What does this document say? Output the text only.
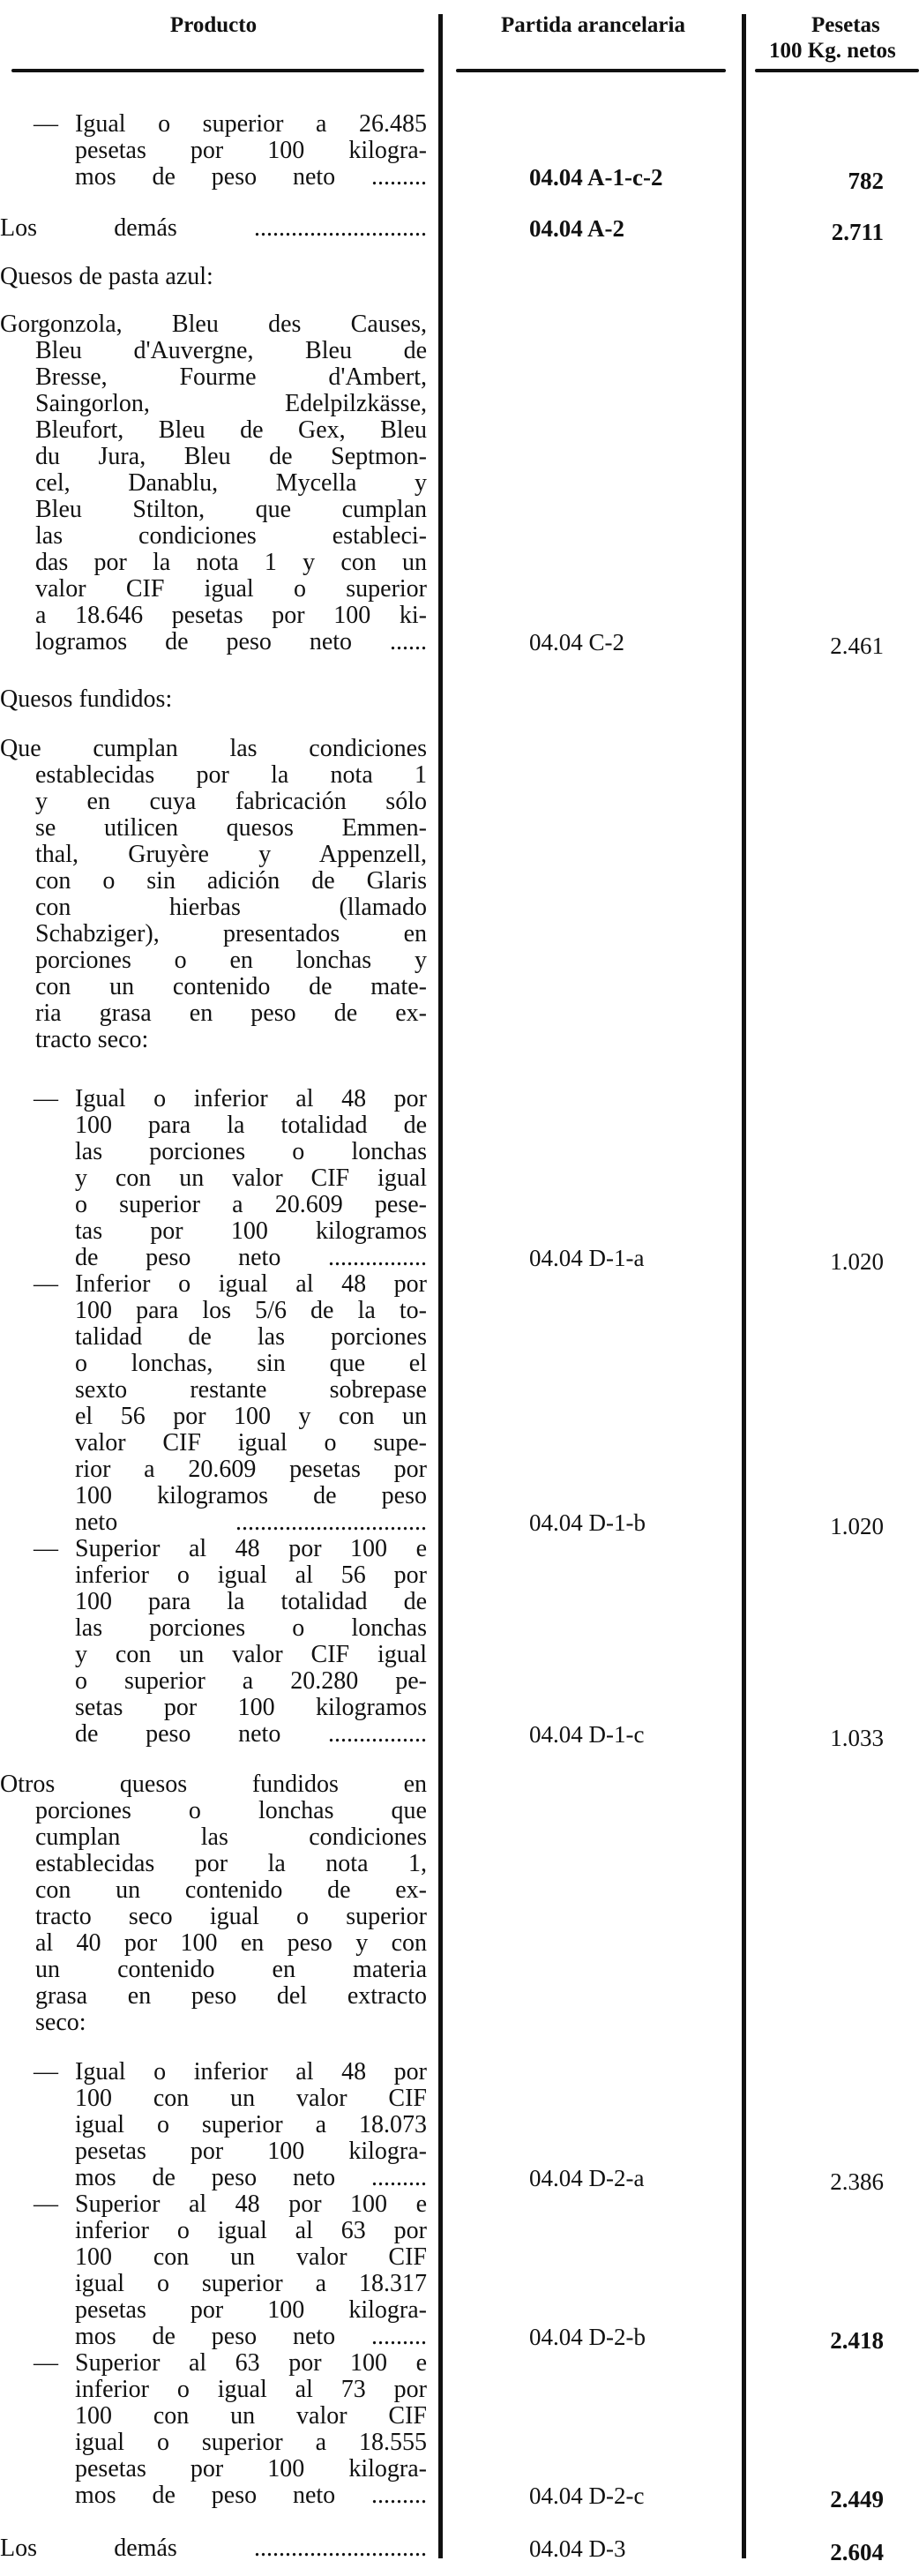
Producto	Partida arancelaria	Pesetas
100 Kg. netos
— Igual o superior a 26.485
pesetas por 100 kilogra-
mos de peso neto .........	04.04 A-1-c-2	782
Los demás ............................	04.04 A-2	2.711
Quesos de pasta azul:
Gorgonzola, Bleu des Causes,
Bleu d'Auvergne, Bleu de
Bresse, Fourme d'Ambert,
Saingorlon, Edelpilzkässe,
Bleufort, Bleu de Gex, Bleu
du Jura, Bleu de Septmon-
cel, Danablu, Mycella y
Bleu Stilton, que cumplan
las condiciones estableci-
das por la nota 1 y con un
valor CIF igual o superior
a 18.646 pesetas por 100 ki-
logramos de peso neto ......	04.04 C-2	2.461
Quesos fundidos:
Que cumplan las condiciones
establecidas por la nota 1
y en cuya fabricación sólo
se utilicen quesos Emmen-
thal, Gruyère y Appenzell,
con o sin adición de Glaris
con hierbas (llamado
Schabziger), presentados en
porciones o en lonchas y
con un contenido de mate-
ria grasa en peso de ex-
tracto seco:
— Igual o inferior al 48 por
100 para la totalidad de
las porciones o lonchas
y con un valor CIF igual
o superior a 20.609 pese-
tas por 100 kilogramos
de peso neto ................	04.04 D-1-a	1.020
— Inferior o igual al 48 por
100 para los 5/6 de la to-
talidad de las porciones
o lonchas, sin que el
sexto restante sobrepase
el 56 por 100 y con un
valor CIF igual o supe-
rior a 20.609 pesetas por
100 kilogramos de peso
neto ...............................	04.04 D-1-b	1.020
— Superior al 48 por 100 e
inferior o igual al 56 por
100 para la totalidad de
las porciones o lonchas
y con un valor CIF igual
o superior a 20.280 pe-
setas por 100 kilogramos
de peso neto ................	04.04 D-1-c	1.033
Otros quesos fundidos en
porciones o lonchas que
cumplan las condiciones
establecidas por la nota 1,
con un contenido de ex-
tracto seco igual o superior
al 40 por 100 en peso y con
un contenido en materia
grasa en peso del extracto
seco:
— Igual o inferior al 48 por
100 con un valor CIF
igual o superior a 18.073
pesetas por 100 kilogra-
mos de peso neto .........	04.04 D-2-a	2.386
— Superior al 48 por 100 e
inferior o igual al 63 por
100 con un valor CIF
igual o superior a 18.317
pesetas por 100 kilogra-
mos de peso neto .........	04.04 D-2-b	2.418
— Superior al 63 por 100 e
inferior o igual al 73 por
100 con un valor CIF
igual o superior a 18.555
pesetas por 100 kilogra-
mos de peso neto .........	04.04 D-2-c	2.449
Los demás ............................	04.04 D-3	2.604
